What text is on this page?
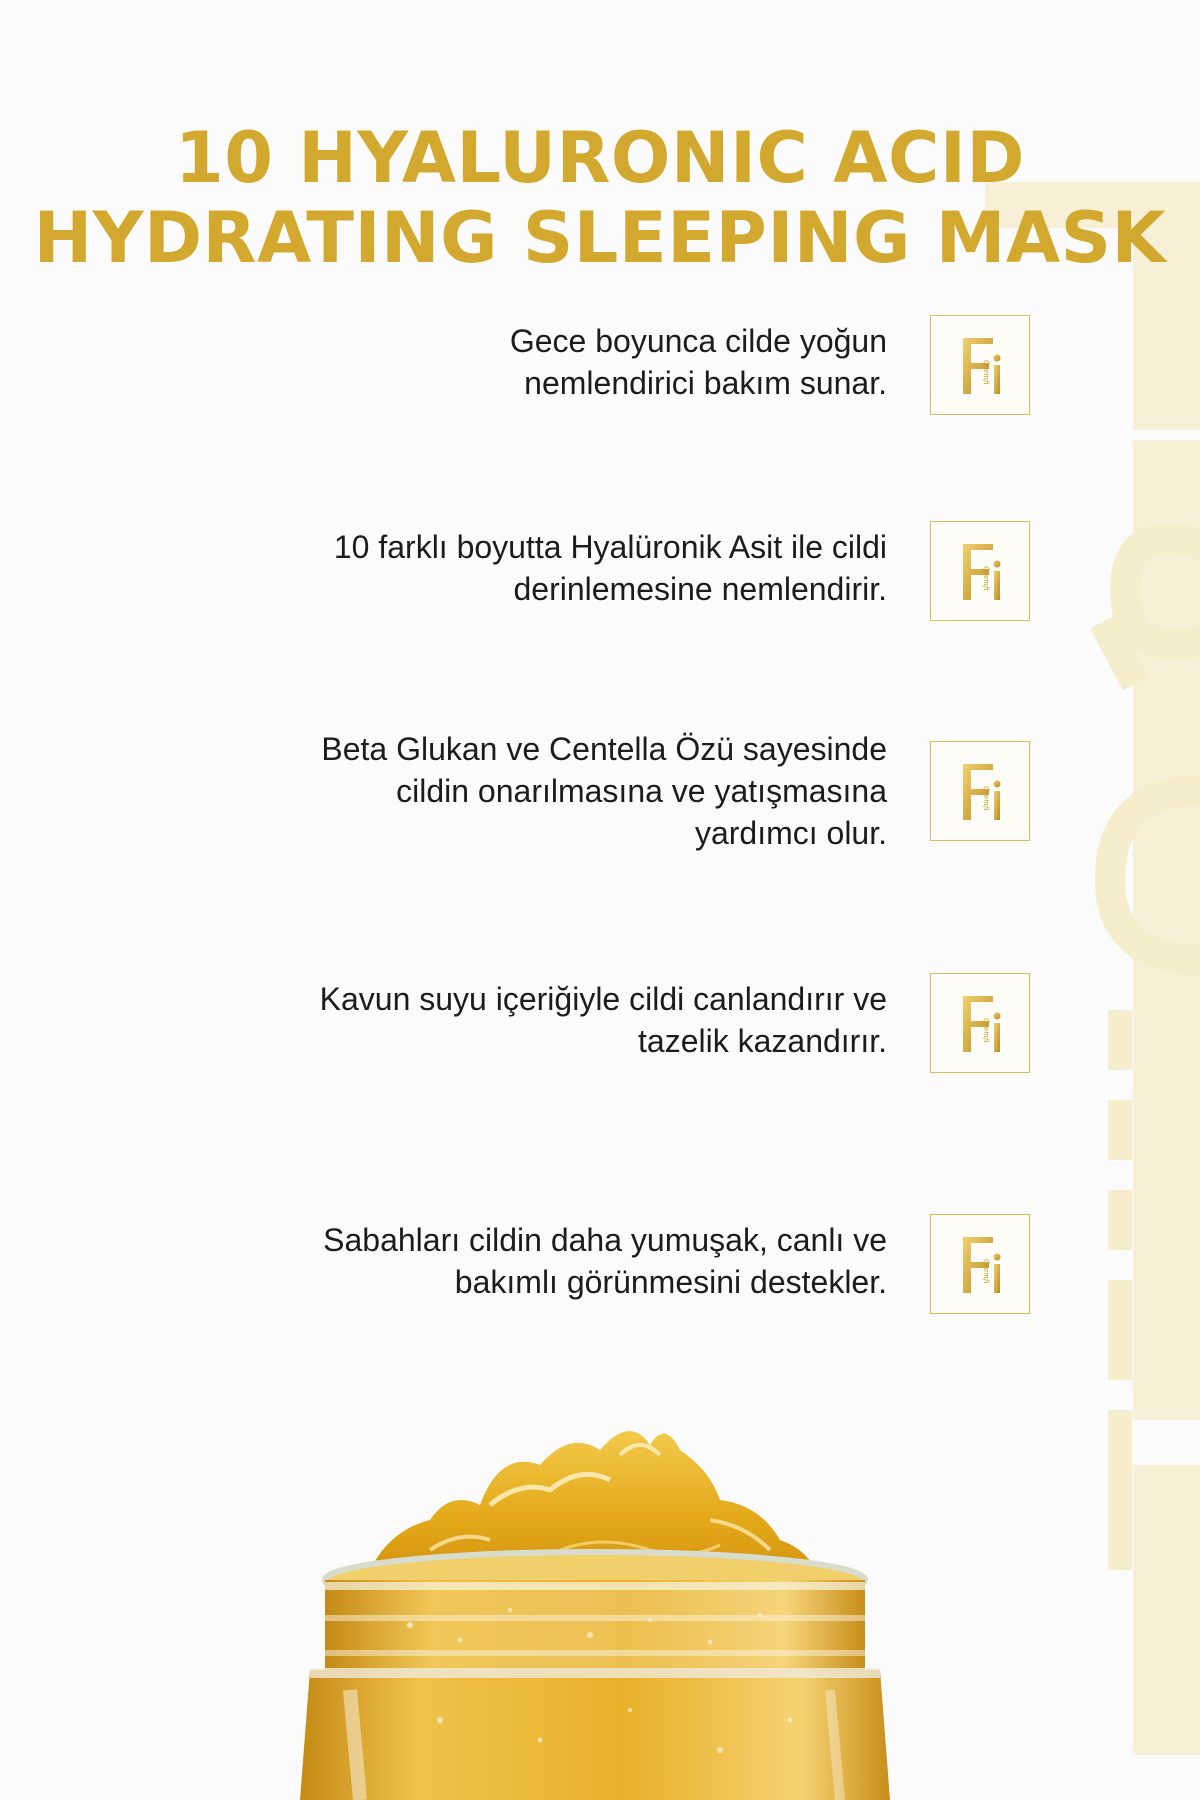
10 HYALURONIC ACID
HYDRATING SLEEPING MASK
Gece boyunca cilde yoğun
nemlendirici bakım sunar.	Qremfi
10 farklı boyutta Hyalüronik Asit ile cildi
derinlemesine nemlendirir.	Qremfi
Beta Glukan ve Centella Özü sayesinde
cildin onarılmasına ve yatışmasına
yardımcı olur.
Qremfi
Kavun suyu içeriğiyle cildi canlandırır ve
tazelik kazandırır.	Qremfi
Sabahları cildin daha yumuşak, canlı ve
bakımlı görünmesini destekler.	Qremfi
